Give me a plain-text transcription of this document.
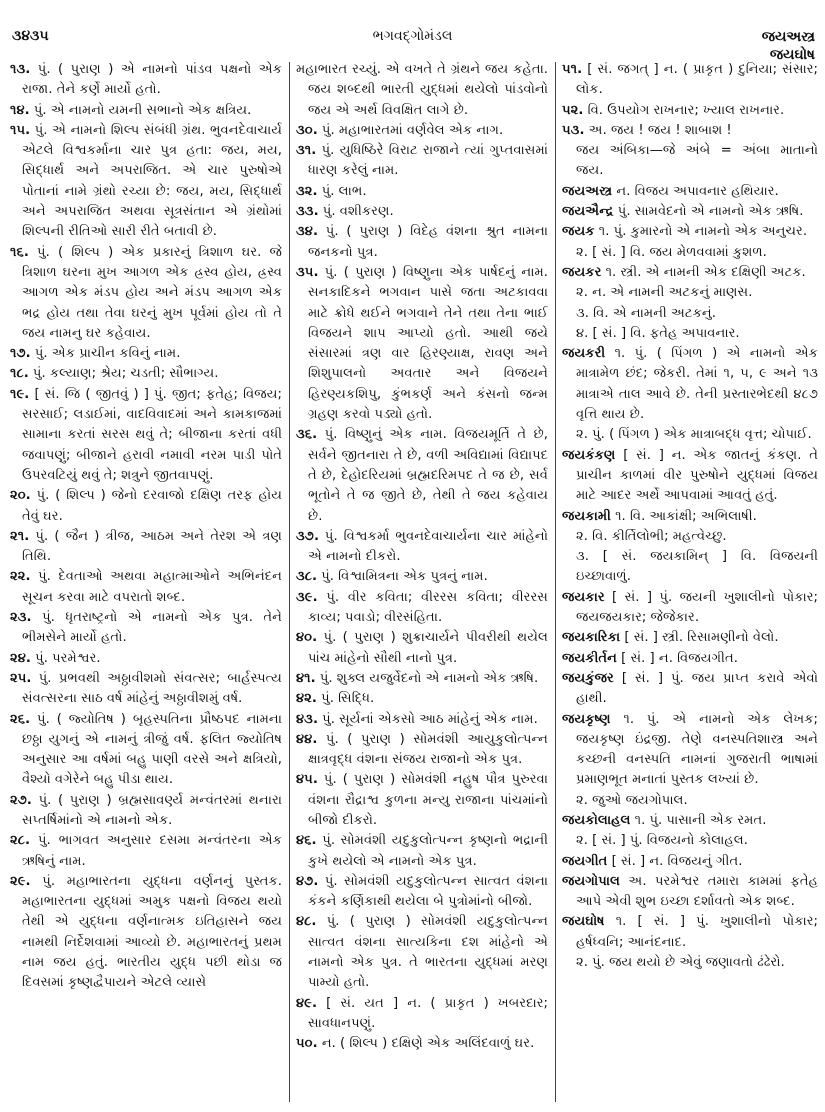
૩૪૩૫	ભગવદ્ગોમંડલ	જયઅસ્ત્ર
જયઘોષ
૧૩. પું. ( પુરાણ ) એ નામનો પાંડવ પક્ષનો એક રાજા. તેને કર્ણે માર્યો હતો.
૧૪. પું. એ નામનો યમની સભાનો એક ક્ષત્રિય.
૧૫. પું. એ નામનો શિલ્પ સંબંધી ગ્રંથ. ભુવનદેવાચાર્ય એટલે વિશ્વકર્માના ચાર પુત્ર હતા: જય, મય, સિદ્ધાર્થ અને અપરાજિત. એ ચાર પુરુષોએ પોતાનાં નામે ગ્રંથો રચ્યા છે: જય, મય, સિદ્ધાર્થ અને અપરાજિત અથવા સૂત્રસંતાન એ ગ્રંથોમાં શિલ્પની રીતિઓ સારી રીતે બતાવી છે.
૧૬. પું. ( શિલ્પ ) એક પ્રકારનું ત્રિશાળ ઘર. જે ત્રિશાળ ઘરના મુખ આગળ એક હ્રસ્વ હોય, હ્રસ્વ આગળ એક મંડપ હોય અને મંડપ આગળ એક ભદ્ર હોય તથા તેવા ઘરનું મુખ પૂર્વમાં હોય તો તે જય નામનુ ઘર કહેવાય.
૧૭. પું. એક પ્રાચીન કવિનું નામ.
૧૮. પું. કલ્યાણ; શ્રેય; ચડતી; સૌભાગ્ય.
૧૯. [ સં. જિ ( જીતવું ) ] પું. જીત; ફતેહ; વિજય; સરસાઈ; લડાઈમાં, વાદવિવાદમાં અને કામકાજમાં સામાના કરતાં સરસ થવું તે; બીજાના કરતાં વધી જવાપણું; બીજાને હરાવી નમાવી નરમ પાડી પોતે ઉપરવટિયું થવું તે; શત્રુને જીતવાપણું.
૨૦. પું. ( શિલ્પ ) જેનો દરવાજો દક્ષિણ તરફ હોય તેવું ઘર.
૨૧. પું. ( જૈન ) ત્રીજ, આઠમ અને તેરશ એ ત્રણ તિથિ.
૨૨. પું. દેવતાઓ અથવા મહાત્માઓને અભિનંદન સૂચન કરવા માટે વપરાતો શબ્દ.
૨૩. પું. ધૃતરાષ્ટ્રનો એ નામનો એક પુત્ર. તેને ભીમસેને માર્યો હતો.
૨૪. પું. પરમેશ્વર.
૨૫. પું. પ્રભવથી અઠ્ઠાવીશમો સંવત્સર; બાર્હસ્પત્ય સંવત્સરના સાઠ વર્ષ માંહેનું અઠ્ઠાવીશમું વર્ષ.
૨૬. પું. ( જ્યોતિષ ) બૃહસ્પતિના પ્રૌષ્ઠપદ નામના છઠ્ઠા યુગનું એ નામનું ત્રીજું વર્ષ. ફલિત જ્યોતિષ અનુસાર આ વર્ષમાં બહુ પાણી વરસે અને ક્ષત્રિયો, વૈશ્યો વગેરેને બહુ પીડા થાય.
૨૭. પું. ( પુરાણ ) બ્રહ્મસાવર્ણ્ય મન્વંતરમાં થનારા સપ્તર્ષિમાંનો એ નામનો એક.
૨૮. પું. ભાગવત અનુસાર દસમા મન્વંતરના એક ઋષિનું નામ.
૨૯. પું. મહાભારતના યુદ્ધના વર્ણનનું પુસ્તક. મહાભારતના યુદ્ધમાં અમુક પક્ષનો વિજય થયો તેથી એ યુદ્ધના વર્ણનાત્મક ઇતિહાસને જય નામથી નિર્દેશવામાં આવ્યો છે. મહાભારતનું પ્રથમ નામ જય હતું. ભારતીય યુદ્ધ પછી થોડા જ દિવસમાં કૃષ્ણદ્વૈપાયને એટલે વ્યાસે
મહાભારત રચ્યું. એ વખતે તે ગ્રંથને જય કહેતા. જય શબ્દથી ભારતી યુદ્ધમાં થયેલો પાંડવોનો જય એ અર્થ વિવક્ષિત લાગે છે.
૩૦. પું. મહાભારતમાં વર્ણવેલ એક નાગ.
૩૧. પું. યુધિષ્ઠિરે વિરાટ રાજાને ત્યાં ગુપ્તવાસમાં ધારણ કરેલું નામ.
૩૨. પું. લાભ.
૩૩. પું. વશીકરણ.
૩૪. પું. ( પુરાણ ) વિદેહ વંશના શ્રુત નામના જનકનો પુત્ર.
૩૫. પું. ( પુરાણ ) વિષ્ણુના એક પાર્ષદનું નામ. સનકાદિકને ભગવાન પાસે જતા અટકાવવા માટે ક્રોધે થઈને ભગવાને તેને તથા તેના ભાઈ વિજયને શાપ આપ્યો હતો. આથી જયે સંસારમાં ત્રણ વાર હિરણ્યાક્ષ, રાવણ અને શિશુપાલનો અવતાર અને વિજયને હિરણ્યકશિપુ, કુંભકર્ણ અને કંસનો જન્મ ગ્રહણ કરવો પડ્યો હતો.
૩૬. પું. વિષ્ણુનું એક નામ. વિજયમૂર્તિ તે છે, સર્વને જીતનારા તે છે, વળી અવિદ્યામાં વિદ્યાપદ તે છે, દેહોદરિયમાં બ્રહ્મદરિમપદ તે જ છે, સર્વ ભૂતોને તે જ જીતે છે, તેથી તે જય કહેવાય છે.
૩૭. પું. વિશ્વકર્મા ભુવનદેવાચાર્યના ચાર માંહેનો એ નામનો દીકરો.
૩૮. પું. વિશ્વામિત્રના એક પુત્રનું નામ.
૩૯. પું. વીર કવિતા; વીરરસ કવિતા; વીરરસ કાવ્ય; પવાડો; વીરસંહિતા.
૪૦. પું. ( પુરાણ ) શુક્રાચાર્યને પીવરીથી થયેલ પાંચ માંહેનો સૌથી નાનો પુત્ર.
૪૧. પું. શુક્લ યજુર્વેદનો એ નામનો એક ઋષિ.
૪૨. પું. સિદ્ધિ.
૪૩. પું. સૂર્યનાં એકસો આઠ માંહેનું એક નામ.
૪૪. પું. ( પુરાણ ) સોમવંશી આયુકુલોત્પન્ન ક્ષાત્રવૃદ્ધ વંશના સંજય રાજાનો એક પુત્ર.
૪૫. પું. ( પુરાણ ) સોમવંશી નહુષ પૌત્ર પુરુરવા વંશના રૌદ્રાશ્વ કુળના મન્યુ રાજાના પાંચમાંનો બીજો દીકરો.
૪૬. પું. સોમવંશી યદુકુલોત્પન્ન કૃષ્ણનો ભદ્રાની કુખે થયેલો એ નામનો એક પુત્ર.
૪૭. પું. સોમવંશી યદુકુલોત્પન્ન સાત્વત વંશના કંકને કર્ણિકાથી થયેલા બે પુત્રોમાંનો બીજો.
૪૮. પું. ( પુરાણ ) સોમવંશી યદુકુલોત્પન્ન સાત્વત વંશના સાત્યકિના દશ માંહેનો એ નામનો એક પુત્ર. તે ભારતના યુદ્ધમાં મરણ પામ્યો હતો.
૪૯. [ સં. યત ] ન. ( પ્રાકૃત ) ખબરદાર; સાવધાનપણું.
૫૦. ન. ( શિલ્પ ) દક્ષિણે એક અલિંદવાળું ઘર.
૫૧. [ સં. જગત્ ] ન. ( પ્રાકૃત ) દુનિયા; સંસાર; લોક.
૫૨. વિ. ઉપયોગ રાખનાર; ખ્યાલ રાખનાર.
૫૩. અ. જય ! જય ! શાબાશ !
જય અંબિકા—જે અંબે = અંબા માતાનો જય.
જયઅસ્ત્ર ન. વિજય અપાવનાર હથિયાર.
જયઐન્દ્ર પું. સામવેદનો એ નામનો એક ઋષિ.
જયક ૧. પું. કુમારનો એ નામનો એક અનુચર.
૨. [ સં. ] વિ. જય મેળવવામાં કુશળ.
જયકર ૧. સ્ત્રી. એ નામની એક દક્ષિણી અટક.
૨. ન. એ નામની અટકનું માણસ.
૩. વિ. એ નામની અટકનું.
૪. [ સં. ] વિ. ફતેહ અપાવનાર.
જયકરી ૧. પું. ( પિંગળ ) એ નામનો એક માત્રામેળ છંદ; જેકરી. તેમાં ૧, ૫, ૯ અને ૧૩ માત્રાએ તાલ આવે છે. તેની પ્રસ્તારભેદથી ૪૮૭ વૃત્તિ થાય છે.
૨. પું. ( પિંગળ ) એક માત્રાબદ્ધ વૃત્ત; ચોપાઈ.
જયકંકણ [ સં. ] ન. એક જાતનું કંકણ. તે પ્રાચીન કાળમાં વીર પુરુષોને યુદ્ધમાં વિજય માટે આદર અર્થે આપવામાં આવતું હતું.
જયકામી ૧. વિ. આકાંક્ષી; અભિલાષી.
૨. વિ. કીર્તિલોભી; મહત્વેચ્છુ.
૩. [ સં. જયકામિન્ ] વિ. વિજયની ઇચ્છાવાળું.
જયકાર [ સં. ] પું. જયની ખુશાલીનો પોકાર; જયજયકાર; જેજેકાર.
જયકારિકા [ સં. ] સ્ત્રી. રિસામણીનો વેલો.
જયકીર્તન [ સં. ] ન. વિજયગીત.
જયકુંજર [ સં. ] પું. જય પ્રાપ્ત કરાવે એવો હાથી.
જયકૃષ્ણ ૧. પું. એ નામનો એક લેખક; જયકૃષ્ણ ઇંદ્રજી. તેણે વનસ્પતિશાસ્ત્ર અને કચ્છની વનસ્પતિ નામનાં ગુજરાતી ભાષામાં પ્રમાણભૂત મનાતાં પુસ્તક લખ્યાં છે.
૨. જુઓ જયગોપાલ.
જયકોલાહલ ૧. પું. પાસાની એક રમત.
૨. [ સં. ] પું. વિજયનો કોલાહલ.
જયગીત [ સં. ] ન. વિજયનું ગીત.
જયગોપાલ અ. પરમેશ્વર તમારા કામમાં ફતેહ આપે એવી શુભ ઇચ્છા દર્શાવતો એક શબ્દ.
જયઘોષ ૧. [ સં. ] પું. ખુશાલીનો પોકાર; હર્ષધ્વનિ; આનંદનાદ.
૨. પું. જય થયો છે એવું જણાવતો ઢંઢેરો.
